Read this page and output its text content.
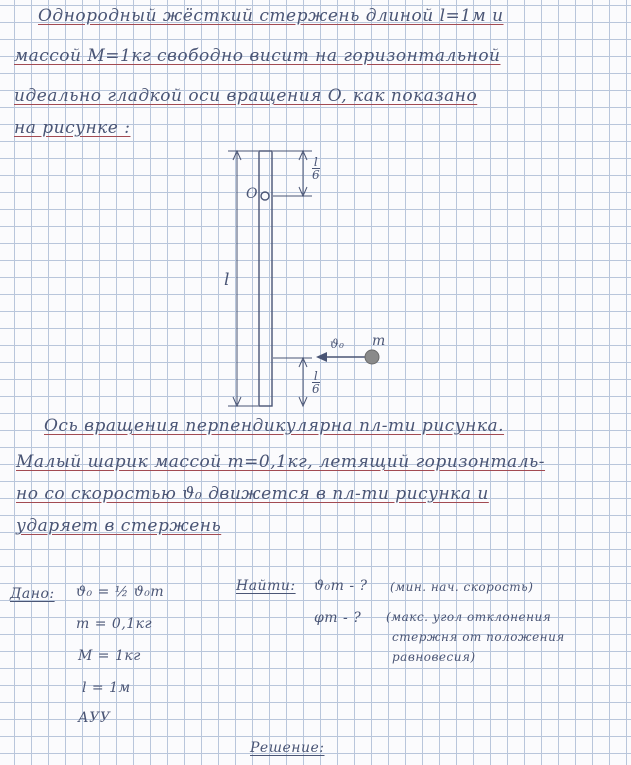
Однородный жёсткий стержень длиной l=1м и
массой M=1кг свободно висит на горизонтальной
идеально гладкой оси вращения O, как показано
на рисунке :
O
l
$\frac{l}{6}$
$\frac{l}{6}$
m
ϑ₀
Ось вращения перпендикулярна пл-ти рисунка.
Малый шарик массой m=0,1кг, летящий горизонталь-
но со скоростью ϑ₀ движется в пл-ти рисунка и
ударяет в стержень
Дано: ϑ₀ = ½ ϑ₀m
m = 0,1кг
M = 1кг
l = 1м
АУУ
Найти: ϑ₀m - ? (мин. нач. скорость)
φm - ? (макс. угол отклонения
стержня от положения
равновесия)
Решение:
